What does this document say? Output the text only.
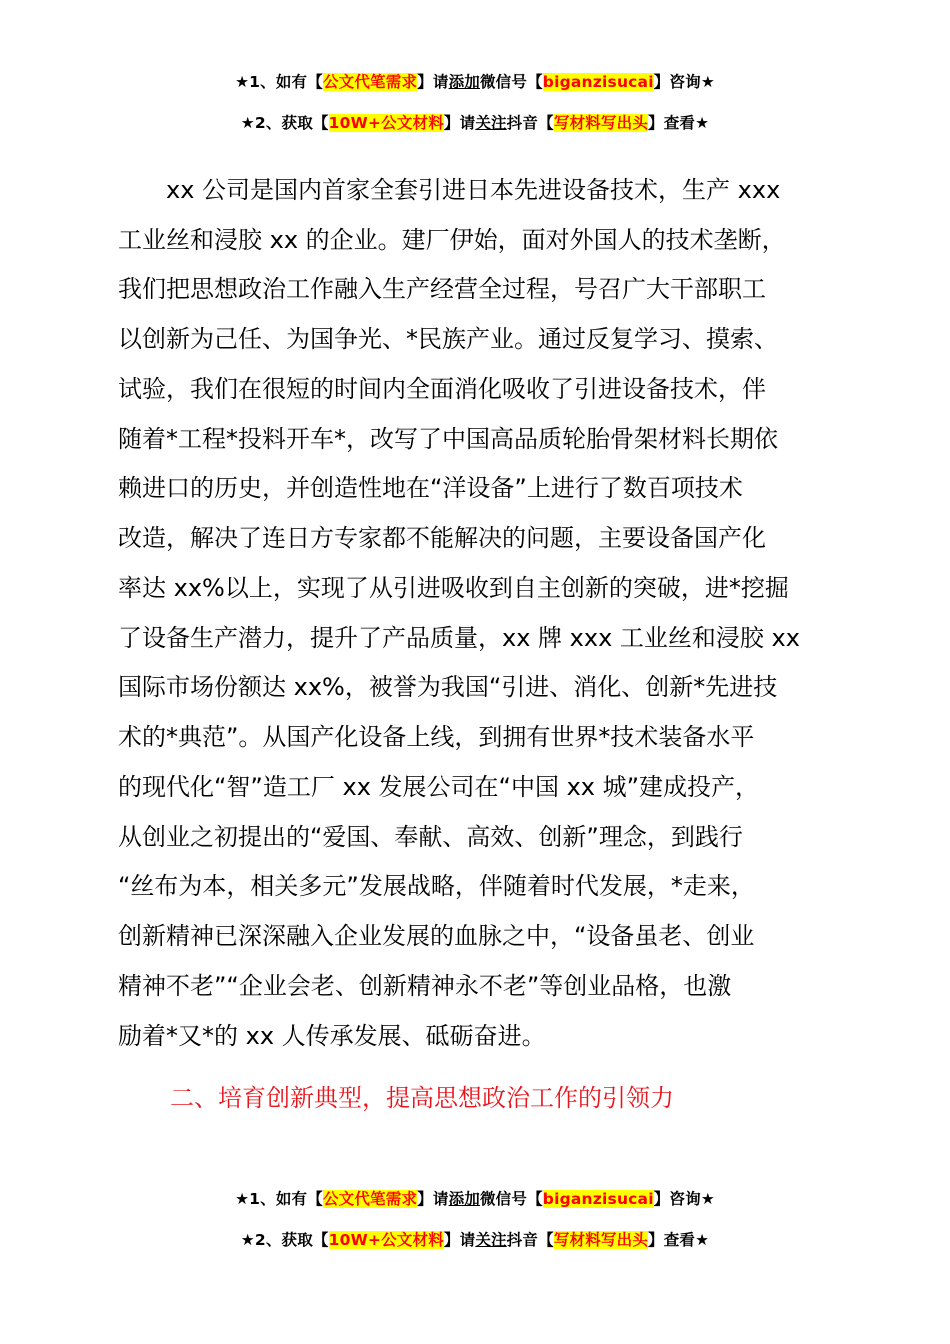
★1、如有【公文代笔需求】请添加微信号【biganzisucai】咨询★
★2、获取【10W+公文材料】请关注抖音【写材料写出头】查看★
　　xx 公司是国内首家全套引进日本先进设备技术，生产 xxx
工业丝和浸胶 xx 的企业。建厂伊始，面对外国人的技术垄断，
我们把思想政治工作融入生产经营全过程，号召广大干部职工
以创新为己任、为国争光、*民族产业。通过反复学习、摸索、
试验，我们在很短的时间内全面消化吸收了引进设备技术，伴
随着*工程*投料开车*，改写了中国高品质轮胎骨架材料长期依
赖进口的历史，并创造性地在“洋设备”上进行了数百项技术
改造，解决了连日方专家都不能解决的问题，主要设备国产化
率达 xx%以上，实现了从引进吸收到自主创新的突破，进*挖掘
了设备生产潜力，提升了产品质量，xx 牌 xxx 工业丝和浸胶 xx
国际市场份额达 xx%，被誉为我国“引进、消化、创新*先进技
术的*典范”。从国产化设备上线，到拥有世界*技术装备水平
的现代化“智”造工厂 xx 发展公司在“中国 xx 城”建成投产，
从创业之初提出的“爱国、奉献、高效、创新”理念，到践行
“丝布为本，相关多元”发展战略，伴随着时代发展，*走来，
创新精神已深深融入企业发展的血脉之中，“设备虽老、创业
精神不老”“企业会老、创新精神永不老”等创业品格，也激
励着*又*的 xx 人传承发展、砥砺奋进。
二、培育创新典型，提高思想政治工作的引领力
★1、如有【公文代笔需求】请添加微信号【biganzisucai】咨询★
★2、获取【10W+公文材料】请关注抖音【写材料写出头】查看★
